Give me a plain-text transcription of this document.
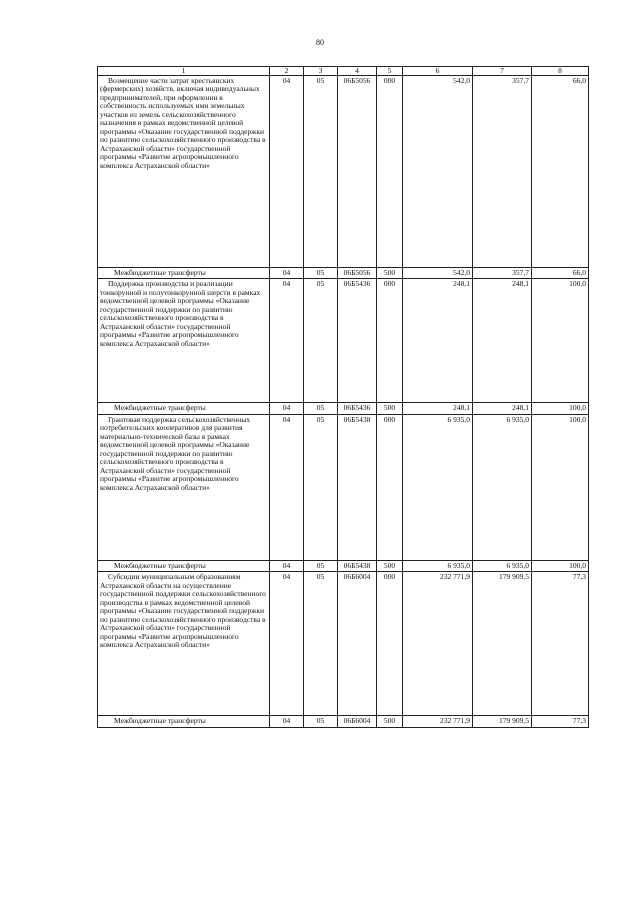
80
1	2	3	4	5	6	7	8
Возмещение части затрат крестьянских (фермерских) хозяйств, включая индивидуальных предпринимателей, при оформлении в собственность используемых ими земельных участков из земель сельскохозяйственного назначения в рамках ведомственной целевой программы «Оказание государственной поддержки по развитию сельскохозяйственного производства в Астраханской области» государственной программы «Развитие агропромышленного комплекса Астраханской области»	04	05	06Б5056	000	542,0	357,7	66,0
Межбюджетные трансферты	04	05	06Б5056	500	542,0	357,7	66,0
Поддержка производства и реализации тонкорунной и полутонкорунной шерсти в рамках ведомственной целевой программы «Оказание государственной поддержки по развитию сельскохозяйственного производства в Астраханской области» государственной программы «Развитие агропромышленного комплекса Астраханской области»	04	05	06Б5436	000	248,1	248,1	100,0
Межбюджетные трансферты	04	05	06Б5436	500	248,1	248,1	100,0
Грантовая поддержка сельскохозяйственных потребительских кооперативов для развития материально-технической базы в рамках ведомственной целевой программы «Оказание государственной поддержки по развитию сельскохозяйственного производства в Астраханской области» государственной программы «Развитие агропромышленного комплекса Астраханской области»	04	05	06Б5438	000	6 935,0	6 935,0	100,0
Межбюджетные трансферты	04	05	06Б5438	500	6 935,0	6 935,0	100,0
Субсидии муниципальным образованиям Астраханской области на осуществление государственной поддержки сельскохозяйственного производства в рамках ведомственной целевой программы «Оказание государственной поддержки по развитию сельскохозяйственного производства в Астраханской области» государственной программы «Развитие агропромышленного комплекса Астраханской области»	04	05	06Б6004	000	232 771,9	179 909,5	77,3
Межбюджетные трансферты	04	05	06Б6004	500	232 771,9	179 909,5	77,3
